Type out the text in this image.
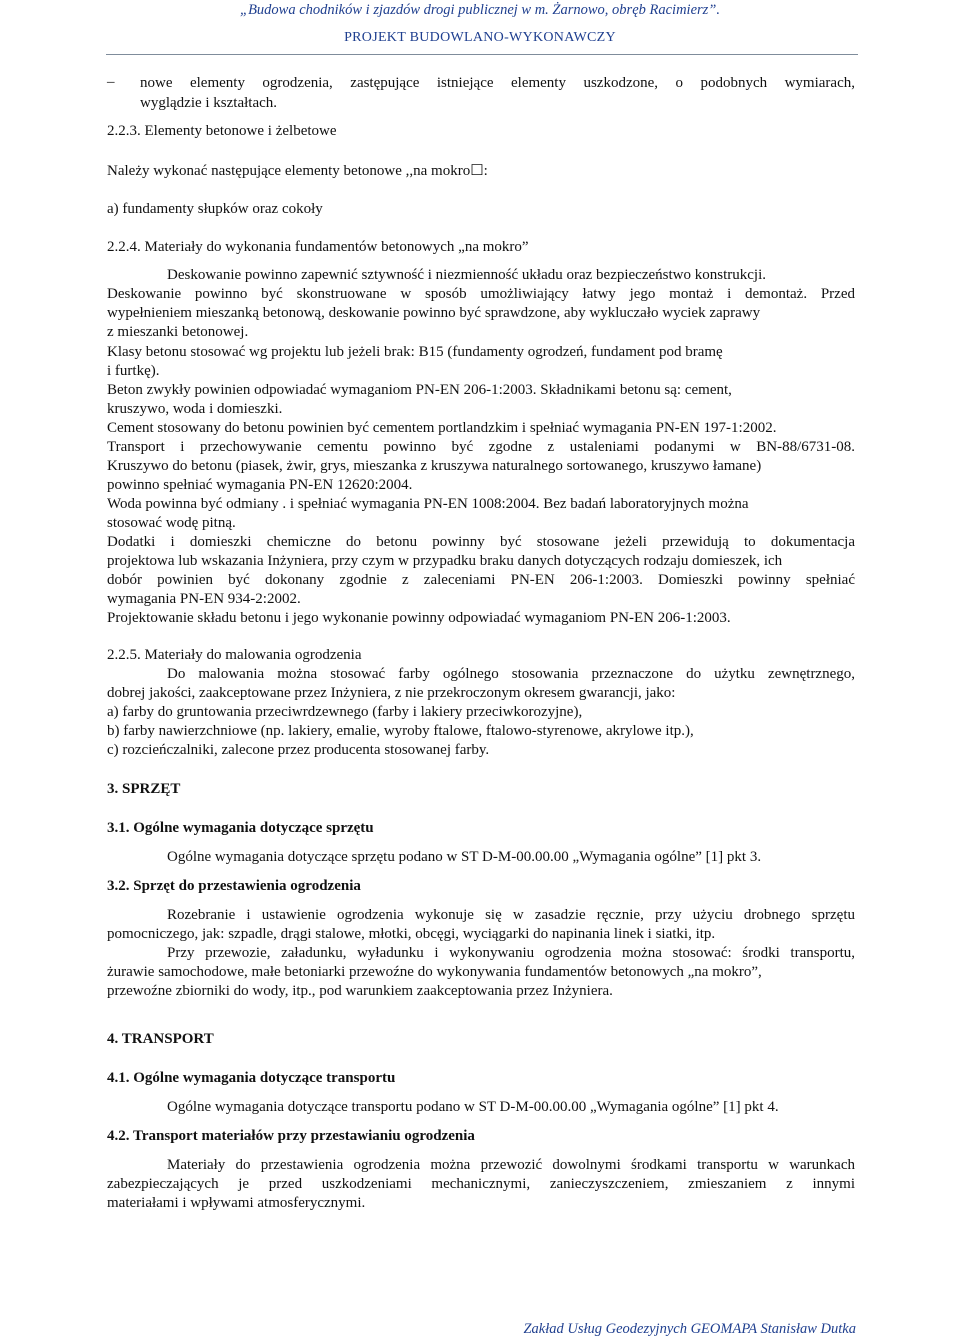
„Budowa chodników i zjazdów drogi publicznej w m. Żarnowo, obręb Racimierz”.
PROJEKT BUDOWLANO-WYKONAWCZY
– nowe elementy ogrodzenia, zastępujące istniejące elementy uszkodzone, o podobnych wymiarach,
wyglądzie i kształtach.
2.2.3. Elementy betonowe i żelbetowe
Należy wykonać następujące elementy betonowe ,,na mokro☐:
a) fundamenty słupków oraz cokoły
2.2.4. Materiały do wykonania fundamentów betonowych „na mokro”
Deskowanie powinno zapewnić sztywność i niezmienność układu oraz bezpieczeństwo konstrukcji.
Deskowanie powinno być skonstruowane w sposób umożliwiający łatwy jego montaż i demontaż. Przed
wypełnieniem mieszanką betonową, deskowanie powinno być sprawdzone, aby wykluczało wyciek zaprawy
z mieszanki betonowej.
Klasy betonu stosować wg projektu lub jeżeli brak: B15 (fundamenty ogrodzeń, fundament pod bramę
i furtkę).
Beton zwykły powinien odpowiadać wymaganiom PN-EN 206-1:2003. Składnikami betonu są: cement,
kruszywo, woda i domieszki.
Cement stosowany do betonu powinien być cementem portlandzkim i spełniać wymagania PN-EN 197-1:2002.
Transport i przechowywanie cementu powinno być zgodne z ustaleniami podanymi w BN-88/6731-08.
Kruszywo do betonu (piasek, żwir, grys, mieszanka z kruszywa naturalnego sortowanego, kruszywo łamane)
powinno spełniać wymagania PN-EN 12620:2004.
Woda powinna być odmiany . i spełniać wymagania PN-EN 1008:2004. Bez badań laboratoryjnych można
stosować wodę pitną.
Dodatki i domieszki chemiczne do betonu powinny być stosowane jeżeli przewidują to dokumentacja
projektowa lub wskazania Inżyniera, przy czym w przypadku braku danych dotyczących rodzaju domieszek, ich
dobór powinien być dokonany zgodnie z zaleceniami PN-EN 206-1:2003. Domieszki powinny spełniać
wymagania PN-EN 934-2:2002.
Projektowanie składu betonu i jego wykonanie powinny odpowiadać wymaganiom PN-EN 206-1:2003.
2.2.5. Materiały do malowania ogrodzenia
Do malowania można stosować farby ogólnego stosowania przeznaczone do użytku zewnętrznego,
dobrej jakości, zaakceptowane przez Inżyniera, z nie przekroczonym okresem gwarancji, jako:
a) farby do gruntowania przeciwrdzewnego (farby i lakiery przeciwkorozyjne),
b) farby nawierzchniowe (np. lakiery, emalie, wyroby ftalowe, ftalowo-styrenowe, akrylowe itp.),
c) rozcieńczalniki, zalecone przez producenta stosowanej farby.
3. SPRZĘT
3.1. Ogólne wymagania dotyczące sprzętu
Ogólne wymagania dotyczące sprzętu podano w ST D-M-00.00.00 „Wymagania ogólne” [1] pkt 3.
3.2. Sprzęt do przestawienia ogrodzenia
Rozebranie i ustawienie ogrodzenia wykonuje się w zasadzie ręcznie, przy użyciu drobnego sprzętu
pomocniczego, jak: szpadle, drągi stalowe, młotki, obcęgi, wyciągarki do napinania linek i siatki, itp.
Przy przewozie, załadunku, wyładunku i wykonywaniu ogrodzenia można stosować: środki transportu,
żurawie samochodowe, małe betoniarki przewoźne do wykonywania fundamentów betonowych „na mokro”,
przewoźne zbiorniki do wody, itp., pod warunkiem zaakceptowania przez Inżyniera.
4. TRANSPORT
4.1. Ogólne wymagania dotyczące transportu
Ogólne wymagania dotyczące transportu podano w ST D-M-00.00.00 „Wymagania ogólne” [1] pkt 4.
4.2. Transport materiałów przy przestawianiu ogrodzenia
Materiały do przestawienia ogrodzenia można przewozić dowolnymi środkami transportu w warunkach
zabezpieczających je przed uszkodzeniami mechanicznymi, zanieczyszczeniem, zmieszaniem z innymi
materiałami i wpływami atmosferycznymi.
Zakład Usług Geodezyjnych GEOMAPA Stanisław Dutka
